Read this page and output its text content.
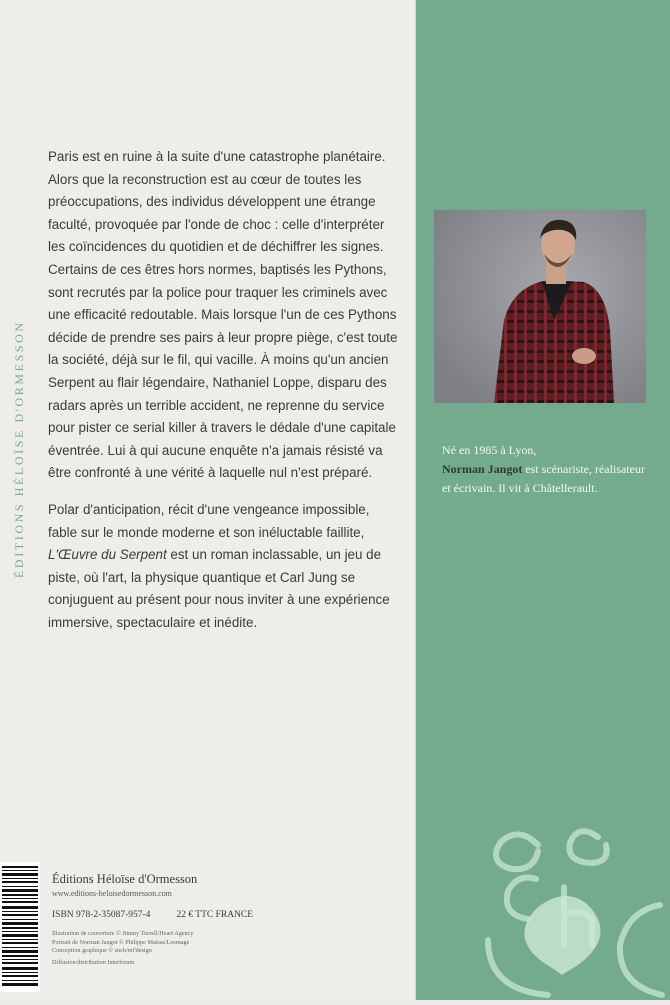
ÉDITIONS HÉLOÏSE D'ORMESSON

Paris est en ruine à la suite d'une catastrophe planétaire. Alors que la reconstruction est au cœur de toutes les préoccupations, des individus développent une étrange faculté, provoquée par l'onde de choc : celle d'interpréter les coïncidences du quotidien et de déchiffrer les signes. Certains de ces êtres hors normes, baptisés les Pythons, sont recrutés par la police pour traquer les criminels avec une efficacité redoutable. Mais lorsque l'un de ces Pythons décide de prendre ses pairs à leur propre piège, c'est toute la société, déjà sur le fil, qui vacille. À moins qu'un ancien Serpent au flair légendaire, Nathaniel Loppe, disparu des radars après un terrible accident, ne reprenne du service pour pister ce serial killer à travers le dédale d'une capitale éventrée. Lui à qui aucune enquête n'a jamais résisté va être confronté à une vérité à laquelle nul n'est préparé.

Polar d'anticipation, récit d'une vengeance impossible, fable sur le monde moderne et son inéluctable faillite, L'Œuvre du Serpent est un roman inclassable, un jeu de piste, où l'art, la physique quantique et Carl Jung se conjuguent au présent pour nous inviter à une expérience immersive, spectaculaire et inédite.

Né en 1985 à Lyon,
Norman Jangot est scénariste, réalisateur et écrivain. Il vit à Châtellerault.
Éditions Héloïse d'Ormesson
www.editions-heloisedormesson.com
ISBN 978-2-35087-957-4	22 € TTC FRANCE
Illustration de couverture © Jimmy Turrell/Heart Agency
Portrait de Norman Jangot © Philippe Matsas/Leemage
Conception graphique © sncb/mf'design
Diffusion/distribution Interforum
